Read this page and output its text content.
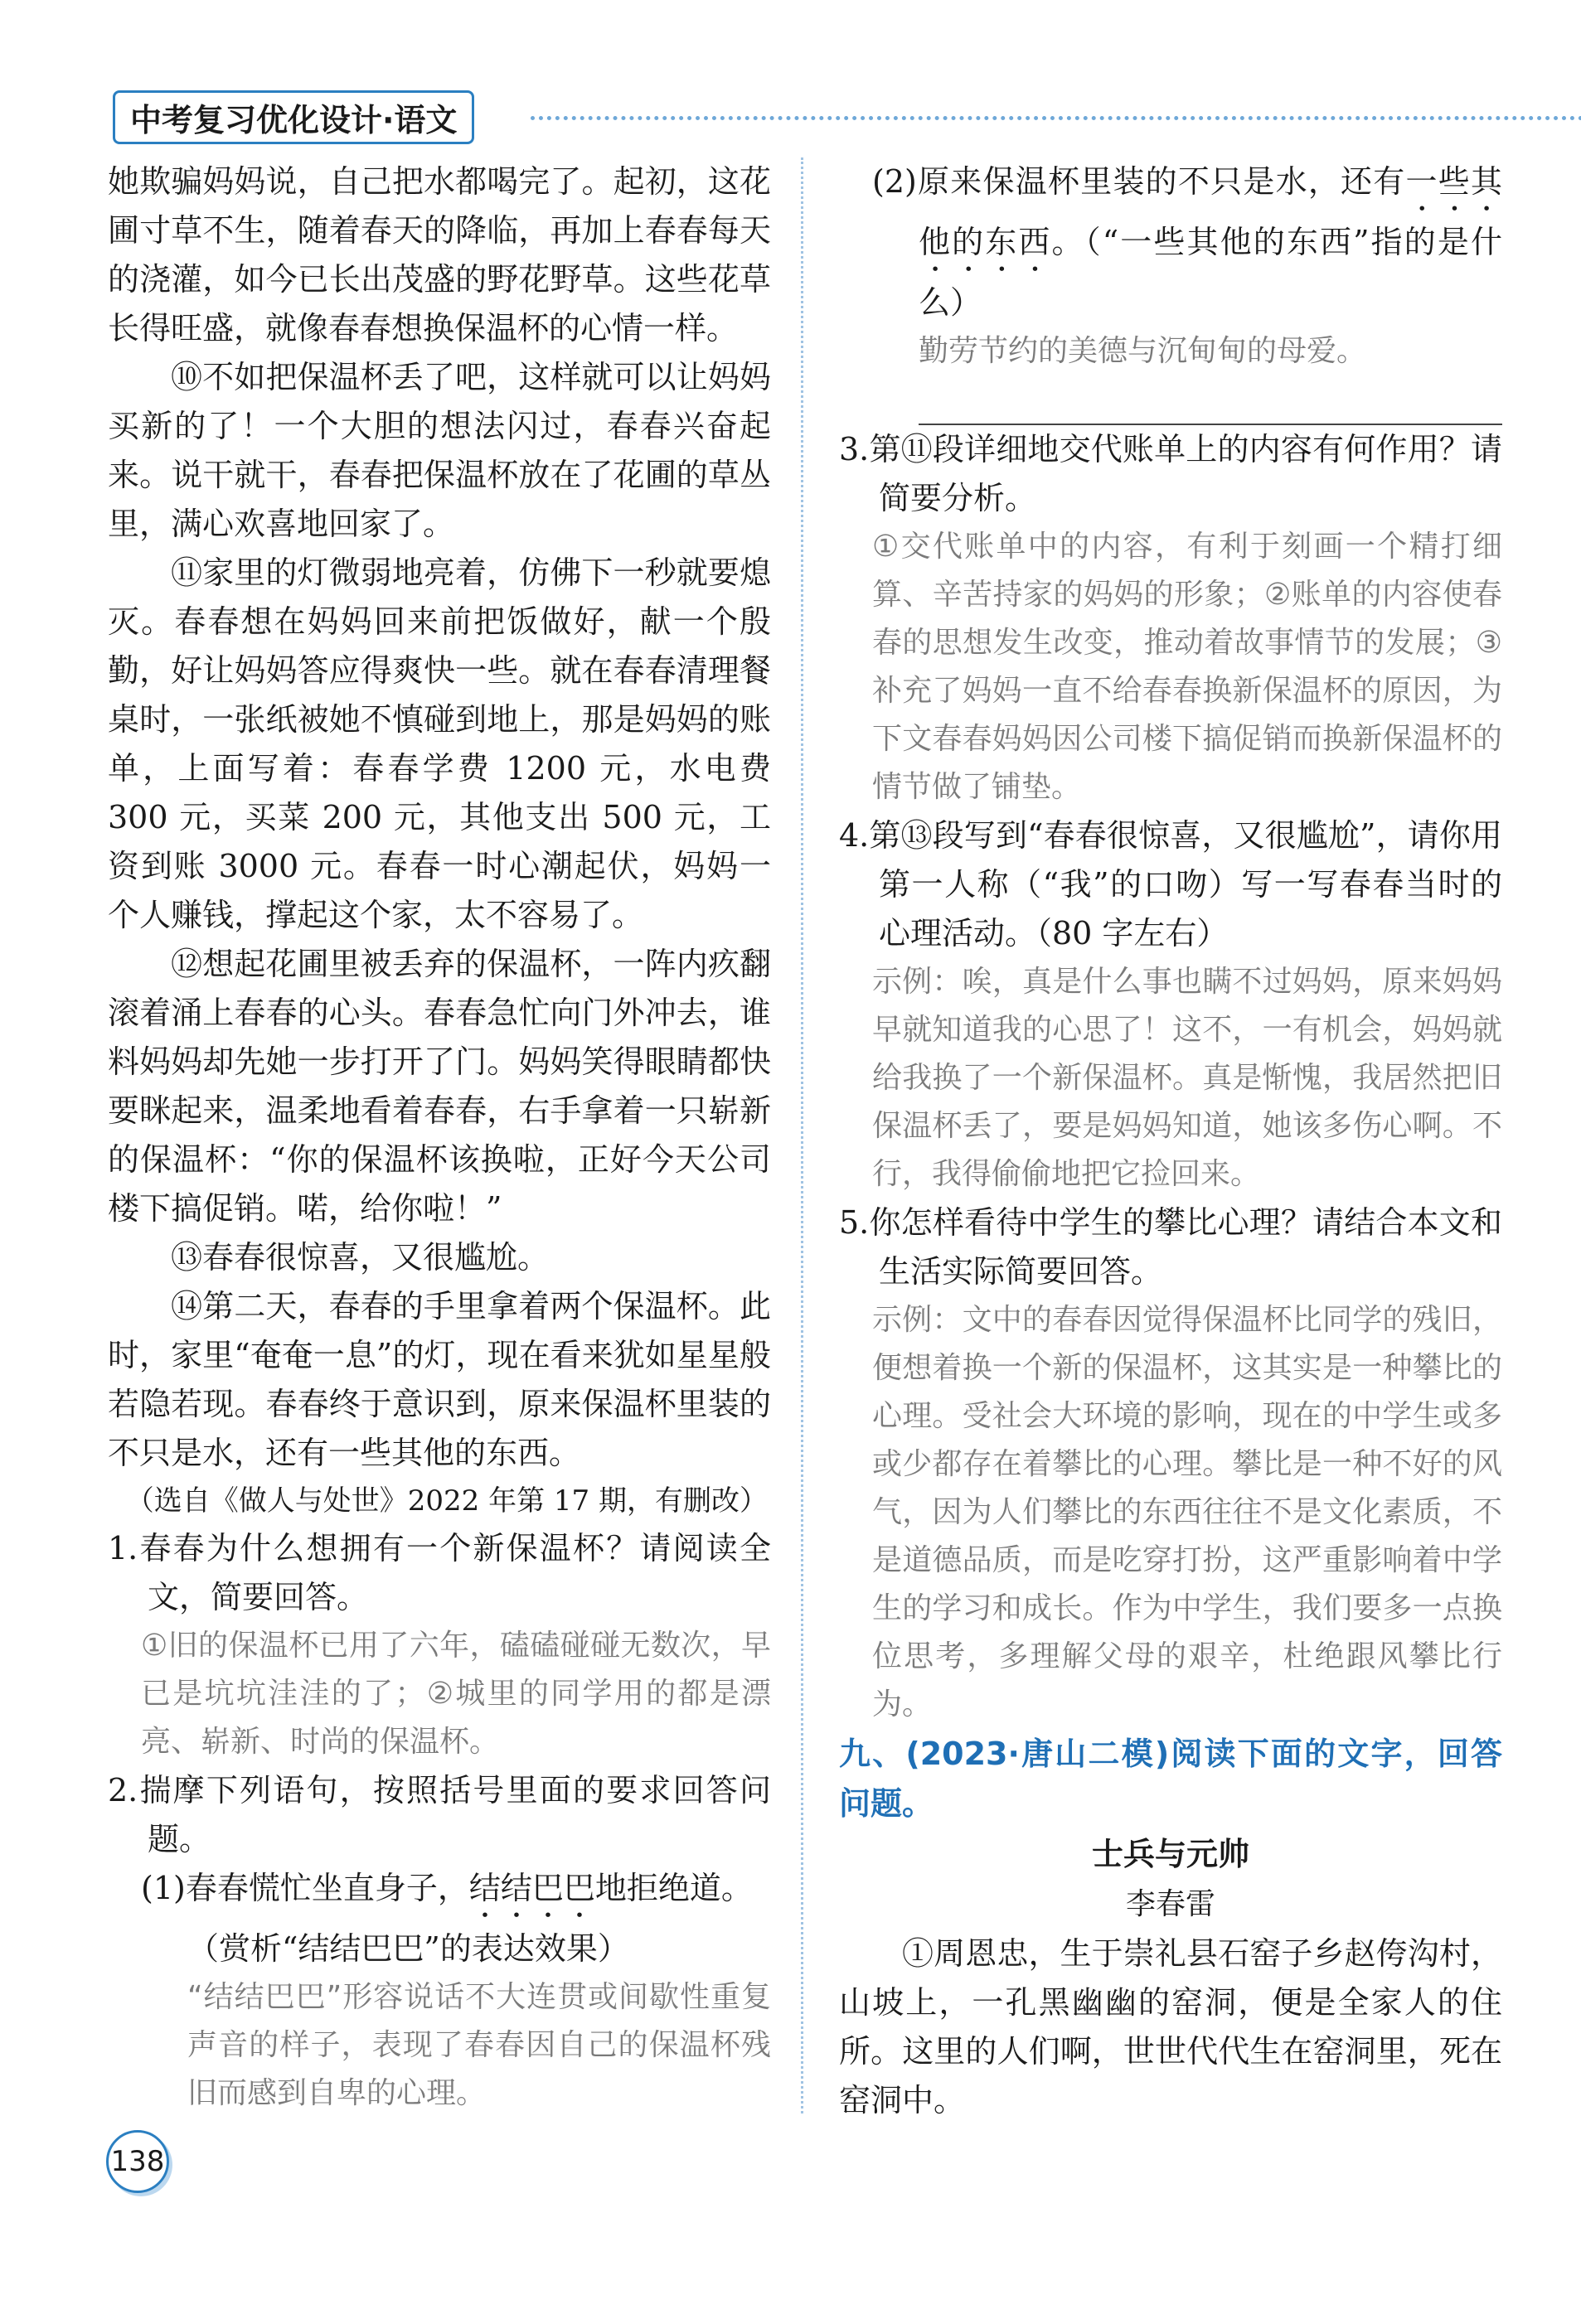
中考复习优化设计·语文

她欺骗妈妈说，自己把水都喝完了。起初，这花圃寸草不生，随着春天的降临，再加上春春每天的浇灌，如今已长出茂盛的野花野草。这些花草长得旺盛，就像春春想换保温杯的心情一样。

⑩不如把保温杯丢了吧，这样就可以让妈妈买新的了！一个大胆的想法闪过，春春兴奋起来。说干就干，春春把保温杯放在了花圃的草丛里，满心欢喜地回家了。

⑪家里的灯微弱地亮着，仿佛下一秒就要熄灭。春春想在妈妈回来前把饭做好，献一个殷勤，好让妈妈答应得爽快一些。就在春春清理餐桌时，一张纸被她不慎碰到地上，那是妈妈的账单，上面写着：春春学费 1200 元，水电费 300 元，买菜 200 元，其他支出 500 元，工资到账 3000 元。春春一时心潮起伏，妈妈一个人赚钱，撑起这个家，太不容易了。

⑫想起花圃里被丢弃的保温杯，一阵内疚翻滚着涌上春春的心头。春春急忙向门外冲去，谁料妈妈却先她一步打开了门。妈妈笑得眼睛都快要眯起来，温柔地看着春春，右手拿着一只崭新的保温杯：“你的保温杯该换啦，正好今天公司楼下搞促销。喏，给你啦！”

⑬春春很惊喜，又很尴尬。

⑭第二天，春春的手里拿着两个保温杯。此时，家里“奄奄一息”的灯，现在看来犹如星星般若隐若现。春春终于意识到，原来保温杯里装的不只是水，还有一些其他的东西。

（选自《做人与处世》2022 年第 17 期，有删改）

1.春春为什么想拥有一个新保温杯？请阅读全文，简要回答。

①旧的保温杯已用了六年，磕磕碰碰无数次，早已是坑坑洼洼的了；②城里的同学用的都是漂亮、崭新、时尚的保温杯。

2.揣摩下列语句，按照括号里面的要求回答问题。

(1)春春慌忙坐直身子，结结巴巴地拒绝道。

（赏析“结结巴巴”的表达效果）

“结结巴巴”形容说话不大连贯或间歇性重复声音的样子，表现了春春因自己的保温杯残旧而感到自卑的心理。

(2)原来保温杯里装的不只是水，还有一些其他的东西。（“一些其他的东西”指的是什么）

勤劳节约的美德与沉甸甸的母爱。

3.第⑪段详细地交代账单上的内容有何作用？请简要分析。

①交代账单中的内容，有利于刻画一个精打细算、辛苦持家的妈妈的形象；②账单的内容使春春的思想发生改变，推动着故事情节的发展；③补充了妈妈一直不给春春换新保温杯的原因，为下文春春妈妈因公司楼下搞促销而换新保温杯的情节做了铺垫。

4.第⑬段写到“春春很惊喜，又很尴尬”，请你用第一人称（“我”的口吻）写一写春春当时的心理活动。（80 字左右）

示例：唉，真是什么事也瞒不过妈妈，原来妈妈早就知道我的心思了！这不，一有机会，妈妈就给我换了一个新保温杯。真是惭愧，我居然把旧保温杯丢了，要是妈妈知道，她该多伤心啊。不行，我得偷偷地把它捡回来。

5.你怎样看待中学生的攀比心理？请结合本文和生活实际简要回答。

示例：文中的春春因觉得保温杯比同学的残旧，便想着换一个新的保温杯，这其实是一种攀比的心理。受社会大环境的影响，现在的中学生或多或少都存在着攀比的心理。攀比是一种不好的风气，因为人们攀比的东西往往不是文化素质，不是道德品质，而是吃穿打扮，这严重影响着中学生的学习和成长。作为中学生，我们要多一点换位思考，多理解父母的艰辛，杜绝跟风攀比行为。

九、(2023·唐山二模)阅读下面的文字，回答问题。

士兵与元帅

李春雷

①周恩忠，生于崇礼县石窑子乡赵侉沟村，山坡上，一孔黑幽幽的窑洞，便是全家人的住所。这里的人们啊，世世代代生在窑洞里，死在窑洞中。

138
